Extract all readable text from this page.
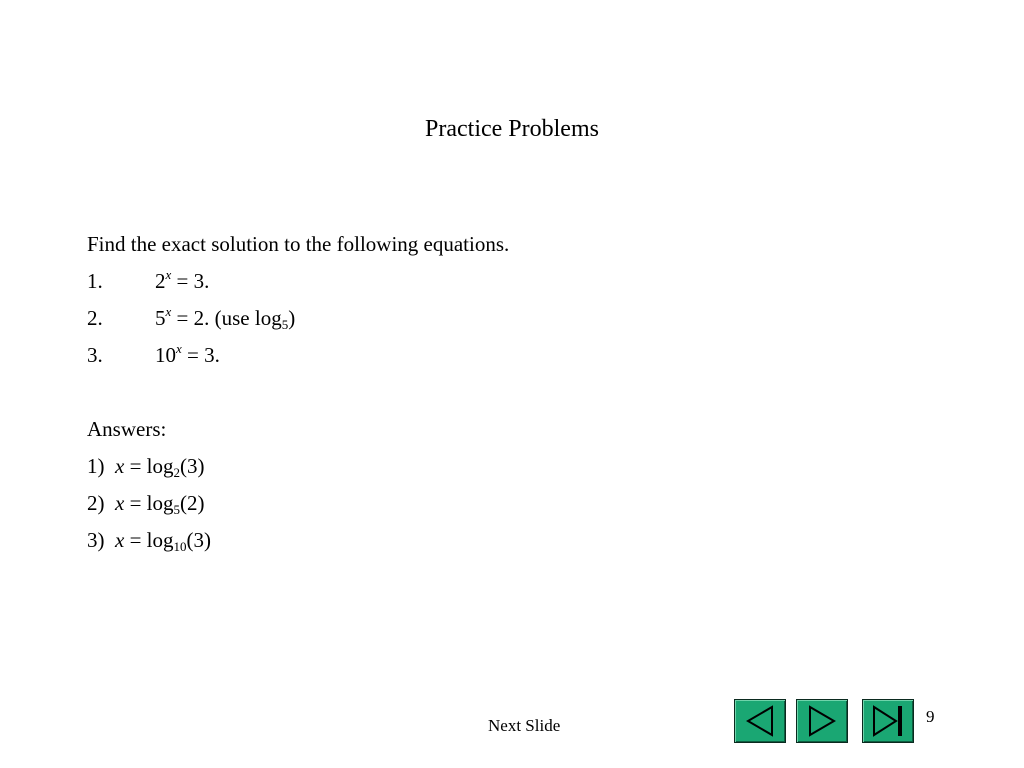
Practice Problems
Find the exact solution to the following equations.
1. $2^x = 3$.
2. $5^x = 2$. (use $\log_5$)
3. $10^x = 3$.
Answers:
1)  $x = \log_2(3)$
2)  $x = \log_5(2)$
3)  $x = \log_{10}(3)$
Next Slide	9
